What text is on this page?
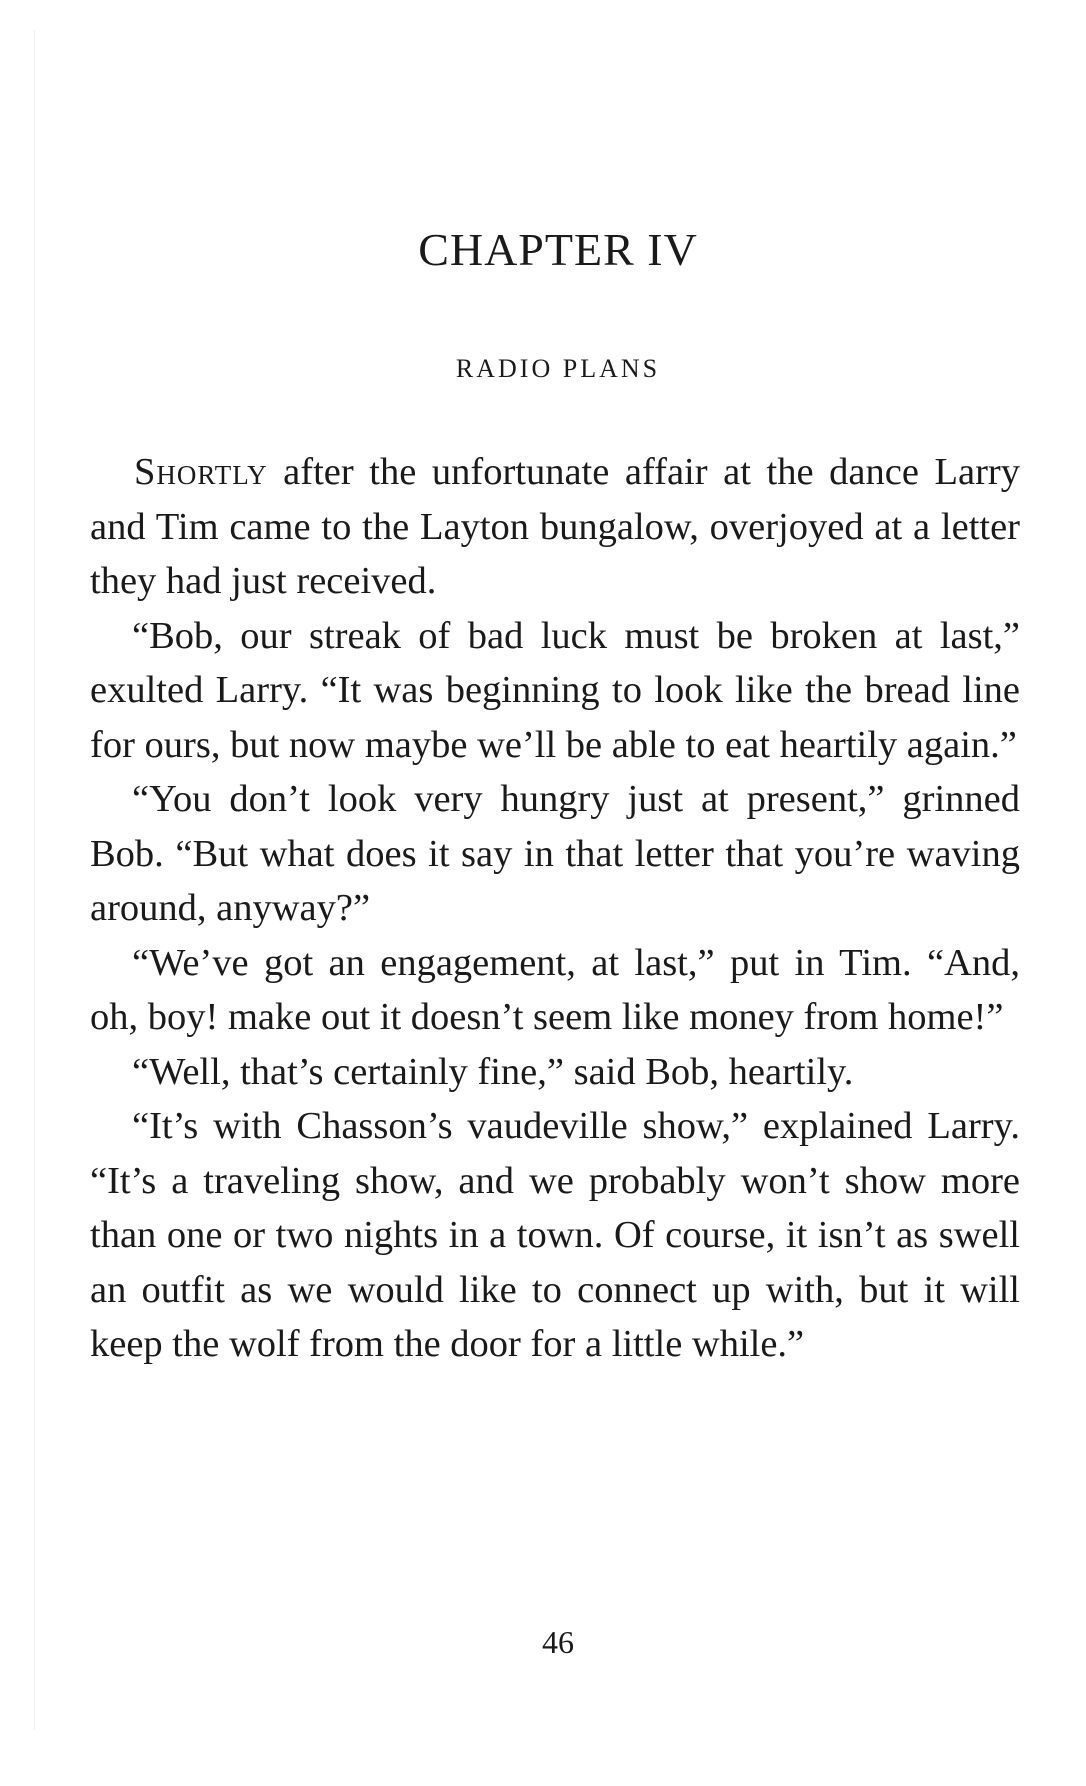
CHAPTER IV
RADIO PLANS

Shortly after the unfortunate affair at the dance Larry and Tim came to the Layton bungalow, overjoyed at a letter they had just received.

“Bob, our streak of bad luck must be broken at last,” exulted Larry. “It was beginning to look like the bread line for ours, but now maybe we’ll be able to eat heartily again.”

“You don’t look very hungry just at present,” grinned Bob. “But what does it say in that letter that you’re waving around, anyway?”

“We’ve got an engagement, at last,” put in Tim. “And, oh, boy! make out it doesn’t seem like money from home!”

“Well, that’s certainly fine,” said Bob, heartily.

“It’s with Chasson’s vaudeville show,” explained Larry. “It’s a traveling show, and we probably won’t show more than one or two nights in a town. Of course, it isn’t as swell an outfit as we would like to connect up with, but it will keep the wolf from the door for a little while.”

46
